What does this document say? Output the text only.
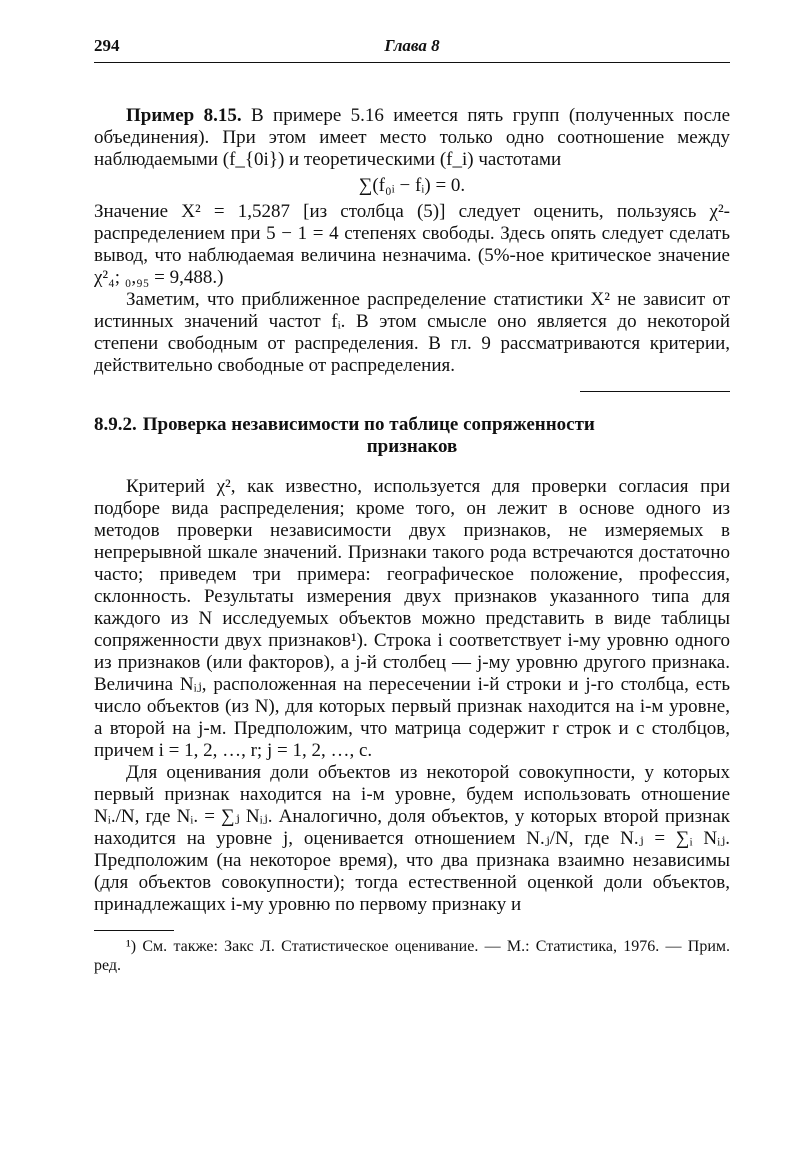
294	Глава 8

Пример 8.15. В примере 5.16 имеется пять групп (полученных после объединения). При этом имеет место только одно соотношение между наблюдаемыми (f_{0i}) и теоретическими (f_i) частотами

∑(f₀ᵢ − fᵢ) = 0.

Значение X² = 1,5287 [из столбца (5)] следует оценить, пользуясь χ²-распределением при 5 − 1 = 4 степенях свободы. Здесь опять следует сделать вывод, что наблюдаемая величина незначима. (5%-ное критическое значение χ²₄; ₀,₉₅ = 9,488.)

Заметим, что приближенное распределение статистики X² не зависит от истинных значений частот fᵢ. В этом смысле оно является до некоторой степени свободным от распределения. В гл. 9 рассматриваются критерии, действительно свободные от распределения.

8.9.2. Проверка независимости по таблице сопряженности
признаков

Критерий χ², как известно, используется для проверки согласия при подборе вида распределения; кроме того, он лежит в основе одного из методов проверки независимости двух признаков, не измеряемых в непрерывной шкале значений. Признаки такого рода встречаются достаточно часто; приведем три примера: географическое положение, профессия, склонность. Результаты измерения двух признаков указанного типа для каждого из N исследуемых объектов можно представить в виде таблицы сопряженности двух признаков¹). Строка i соответствует i-му уровню одного из признаков (или факторов), а j-й столбец — j-му уровню другого признака. Величина Nᵢⱼ, расположенная на пересечении i-й строки и j-го столбца, есть число объектов (из N), для которых первый признак находится на i-м уровне, а второй на j-м. Предположим, что матрица содержит r строк и c столбцов, причем i = 1, 2, …, r; j = 1, 2, …, c.

Для оценивания доли объектов из некоторой совокупности, у которых первый признак находится на i-м уровне, будем использовать отношение Nᵢ./N, где Nᵢ. = ∑ⱼ Nᵢⱼ. Аналогично, доля объектов, у которых второй признак находится на уровне j, оценивается отношением N.ⱼ/N, где N.ⱼ = ∑ᵢ Nᵢⱼ. Предположим (на некоторое время), что два признака взаимно независимы (для объектов совокупности); тогда естественной оценкой доли объектов, принадлежащих i-му уровню по первому признаку и

¹) См. также: Закс Л. Статистическое оценивание. — М.: Статистика, 1976. — Прим. ред.
